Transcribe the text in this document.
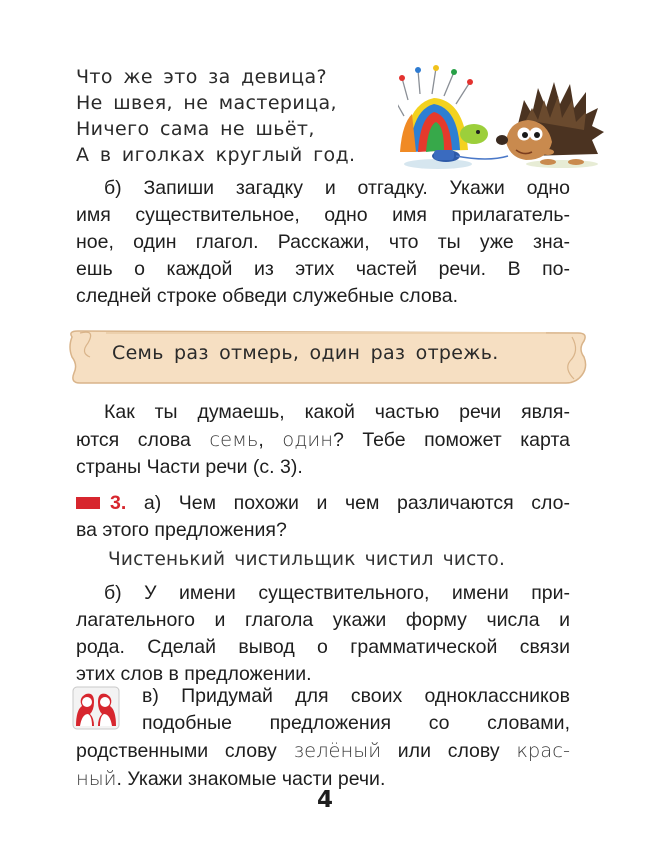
Что же это за девица?
Не швея, не мастерица,
Ничего сама не шьёт,
А в иголках круглый год.
б) Запиши загадку и отгадку. Укажи одно
имя существительное, одно имя прилагатель-
ное, один глагол. Расскажи, что ты уже зна-
ешь о каждой из этих частей речи. В по-
следней строке обведи служебные слова.
Семь раз отмерь, один раз отрежь.
Как ты думаешь, какой частью речи явля-
ются слова семь, один? Тебе поможет карта
страны Части речи (с. 3).
3. а) Чем похожи и чем различаются сло-
ва этого предложения?
Чистенький чистильщик чистил чисто.
б) У имени существительного, имени при-
лагательного и глагола укажи форму числа и
рода. Сделай вывод о грамматической связи
этих слов в предложении.
в) Придумай для своих одноклассников
подобные предложения со словами,
родственными слову зелёный или слову крас-
ный. Укажи знакомые части речи.
4
